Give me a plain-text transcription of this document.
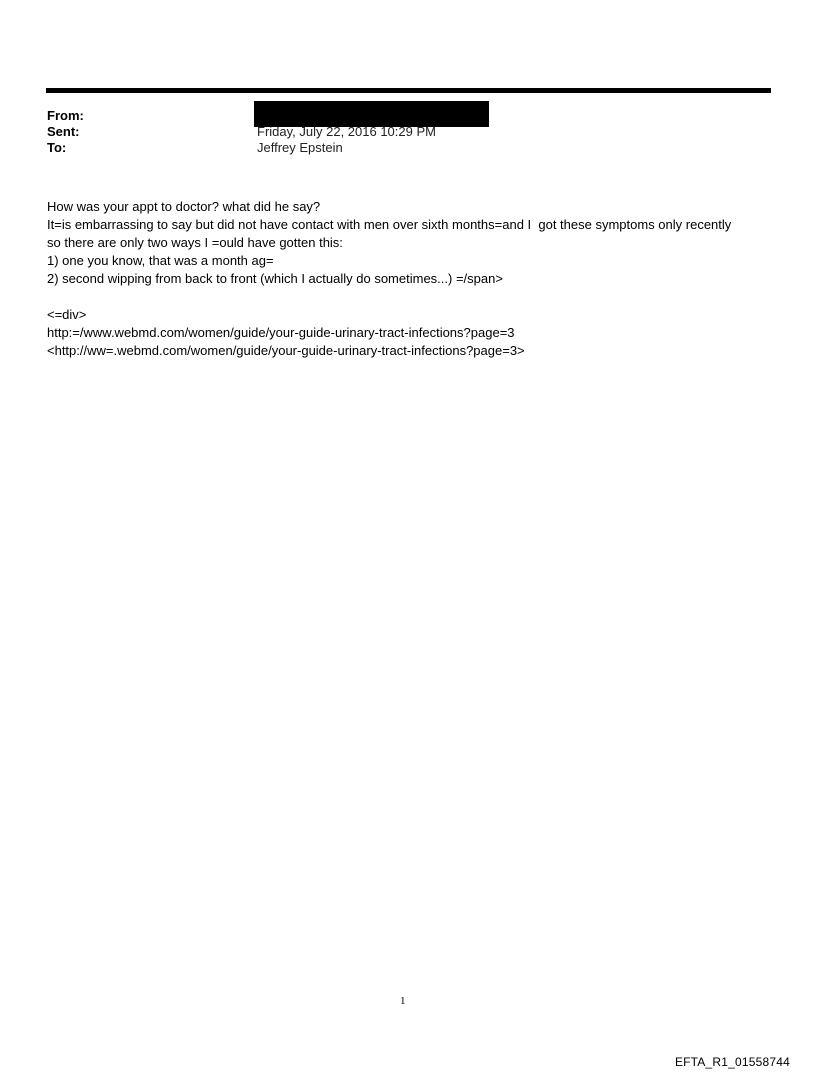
From:
Sent:	Friday, July 22, 2016 10:29 PM
To:	Jeffrey Epstein

How was your appt to doctor? what did he say?

It=is embarrassing to say but did not have contact with men over sixth months=and I  got these symptoms only recently

so there are only two ways I =ould have gotten this:

1) one you know, that was a month ag=

2) second wipping from back to front (which I actually do sometimes...) =/span>

<=div>

http:=/www.webmd.com/women/guide/your-guide-urinary-tract-infections?page=3

<http://ww=.webmd.com/women/guide/your-guide-urinary-tract-infections?page=3>

1
EFTA_R1_01558744
